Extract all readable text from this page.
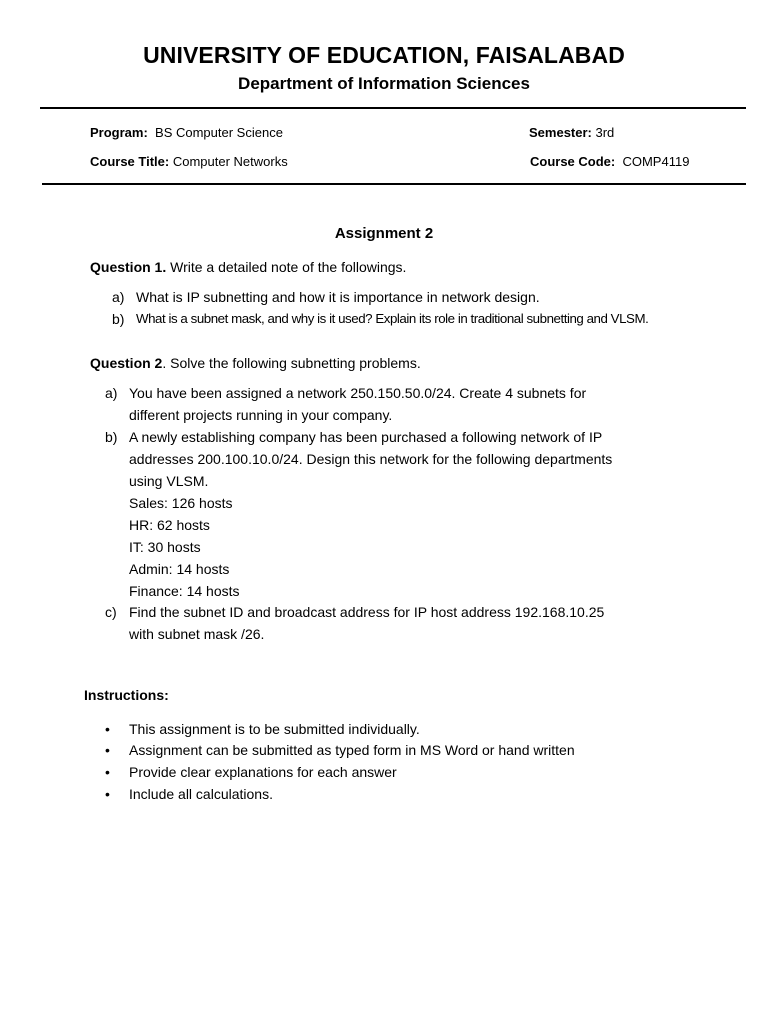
UNIVERSITY OF EDUCATION, FAISALABAD
Department of Information Sciences
Program: BS Computer Science	Semester: 3rd
Course Title: Computer Networks	Course Code: COMP4119
Assignment 2
Question 1. Write a detailed note of the followings.
a) What is IP subnetting and how it is importance in network design.
b) What is a subnet mask, and why is it used? Explain its role in traditional subnetting and VLSM.
Question 2. Solve the following subnetting problems.
a) You have been assigned a network 250.150.50.0/24. Create 4 subnets for
different projects running in your company.
b) A newly establishing company has been purchased a following network of IP
addresses 200.100.10.0/24. Design this network for the following departments
using VLSM.
Sales: 126 hosts
HR: 62 hosts
IT: 30 hosts
Admin: 14 hosts
Finance: 14 hosts
c) Find the subnet ID and broadcast address for IP host address 192.168.10.25
with subnet mask /26.
Instructions:
• This assignment is to be submitted individually.
• Assignment can be submitted as typed form in MS Word or hand written
• Provide clear explanations for each answer
• Include all calculations.
